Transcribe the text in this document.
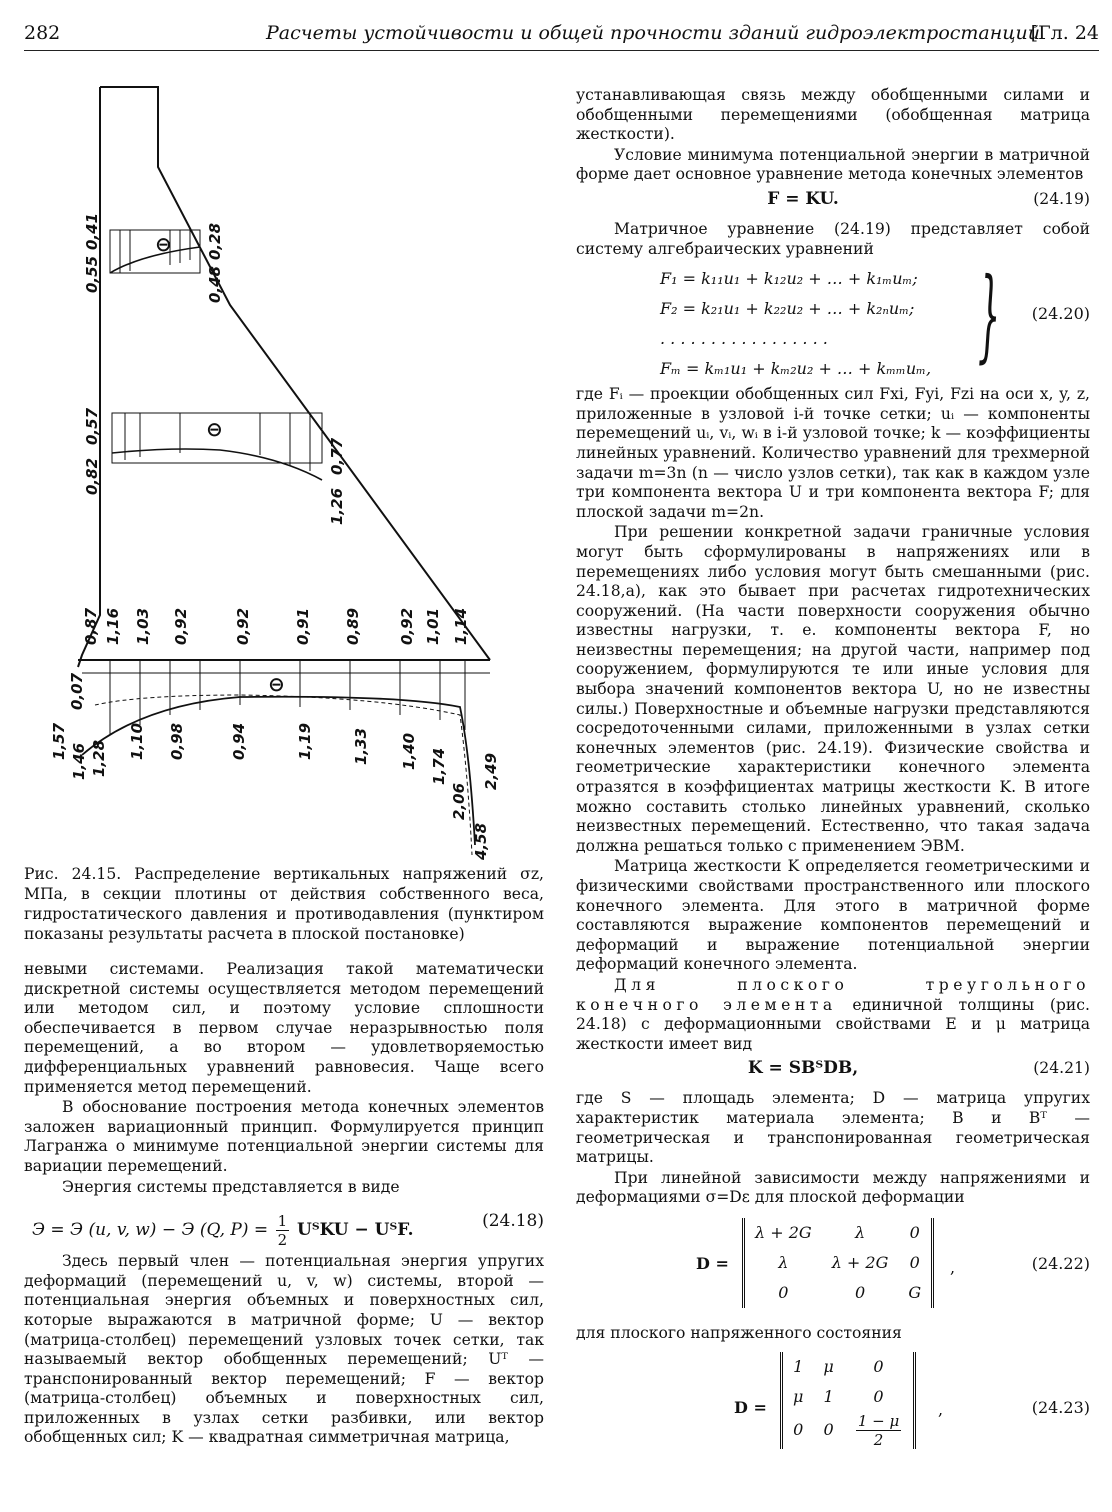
282	Расчеты устойчивости и общей прочности зданий гидроэлектростанций
[Гл. 24
⊖
⊖
⊖
0,41
0,55
0,28
0,48
0,57
0,82
0,77
1,26
0,87 1,16 1,03 0,92	0,92	0,91 0,89 0,92 1,01 1,14
0,07
1,57
1,46 1,28 1,10 0,98	0,94	1,19	1,33 1,40 1,74
2,06
2,49
4,58

Рис. 24.15. Распределение вертикальных напряжений σz, МПа, в секции плотины от действия собственного веса, гидростатического давления и противодавления (пунктиром показаны результаты расчета в плоской постановке)

невыми системами. Реализация такой математически дискретной системы осуществляется методом перемещений или методом сил, и поэтому условие сплошности обеспечивается в первом случае неразрывностью поля перемещений, а во втором — удовлетворяемостью дифференциальных уравнений равновесия. Чаще всего применяется метод перемещений.

В обоснование построения метода конечных элементов заложен вариационный принцип. Формулируется принцип Лагранжа о минимуме потенциальной энергии системы для вариации перемещений.

Энергия системы представляется в виде

Э = Э (u, v, w) − Э (Q, $P) = \frac{1}{2}$ UᵀKU − UᵀF.	(24.18)

Здесь первый член — потенциальная энергия упругих деформаций (перемещений u, v, w) системы, второй — потенциальная энергия объемных и поверхностных сил, которые выражаются в матричной форме; U — вектор (матрица-столбец) перемещений узловых точек сетки, так называемый вектор обобщенных перемещений; Uᵀ — транспонированный вектор перемещений; F — вектор (матрица-столбец) объемных и поверхностных сил, приложенных в узлах сетки разбивки, или вектор обобщенных сил; K — квадратная симметричная матрица,

устанавливающая связь между обобщенными силами и обобщенными перемещениями (обобщенная матрица жесткости).

Условие минимума потенциальной энергии в матричной форме дает основное уравнение метода конечных элементов

F = KU.	(24.19)

Матричное уравнение (24.19) представляет собой систему алгебраических уравнений

F₁ = k₁₁u₁ + k₁₂u₂ + … + k₁ₘuₘ;
F₂ = k₂₁u₁ + k₂₂u₂ + … + k₂ₙuₘ;
. . . . . . . . . . . . . . . . .
Fₘ = kₘ₁u₁ + kₘ₂u₂ + … + kₘₘuₘ, } (24.20)

где Fᵢ — проекции обобщенных сил Fxi, Fyi, Fzi на оси x, y, z, приложенные в узловой i-й точке сетки; uᵢ — компоненты перемещений uᵢ, vᵢ, wᵢ в i-й узловой точке; k — коэффициенты линейных уравнений. Количество уравнений для трехмерной задачи m=3n (n — число узлов сетки), так как в каждом узле три компонента вектора U и три компонента вектора F; для плоской задачи m=2n.

При решении конкретной задачи граничные условия могут быть сформулированы в напряжениях или в перемещениях либо условия могут быть смешанными (рис. 24.18,а), как это бывает при расчетах гидротехнических сооружений. (На части поверхности сооружения обычно известны нагрузки, т. е. компоненты вектора F, но неизвестны перемещения; на другой части, например под сооружением, формулируются те или иные условия для выбора значений компонентов вектора U, но не известны силы.) Поверхностные и объемные нагрузки представляются сосредоточенными силами, приложенными в узлах сетки конечных элементов (рис. 24.19). Физические свойства и геометрические характеристики конечного элемента отразятся в коэффициентах матрицы жесткости K. В итоге можно составить столько линейных уравнений, сколько неизвестных перемещений. Естественно, что такая задача должна решаться только с применением ЭВМ.

Матрица жесткости K определяется геометрическими и физическими свойствами пространственного или плоского конечного элемента. Для этого в матричной форме составляются выражение компонентов перемещений и деформаций и выражение потенциальной энергии деформаций конечного элемента.

Для плоского треугольного конечного элемента единичной толщины (рис. 24.18) с деформационными свойствами E и μ матрица жесткости имеет вид

K = SBᵀDB,	(24.21)

где S — площадь элемента; D — матрица упругих характеристик материала элемента; B и Bᵀ — геометрическая и транспонированная геометрическая матрицы.

При линейной зависимости между напряжениями и деформациями σ=Dε для плоской деформации

D =
λ + 2G	λ	0
λ	λ + 2G	0
0	0	G
,	(24.22)

для плоского напряженного состояния

D =
1	μ	0
μ	1	0
0	0	$\frac{1 - \mu}{2}$
,	(24.23)
